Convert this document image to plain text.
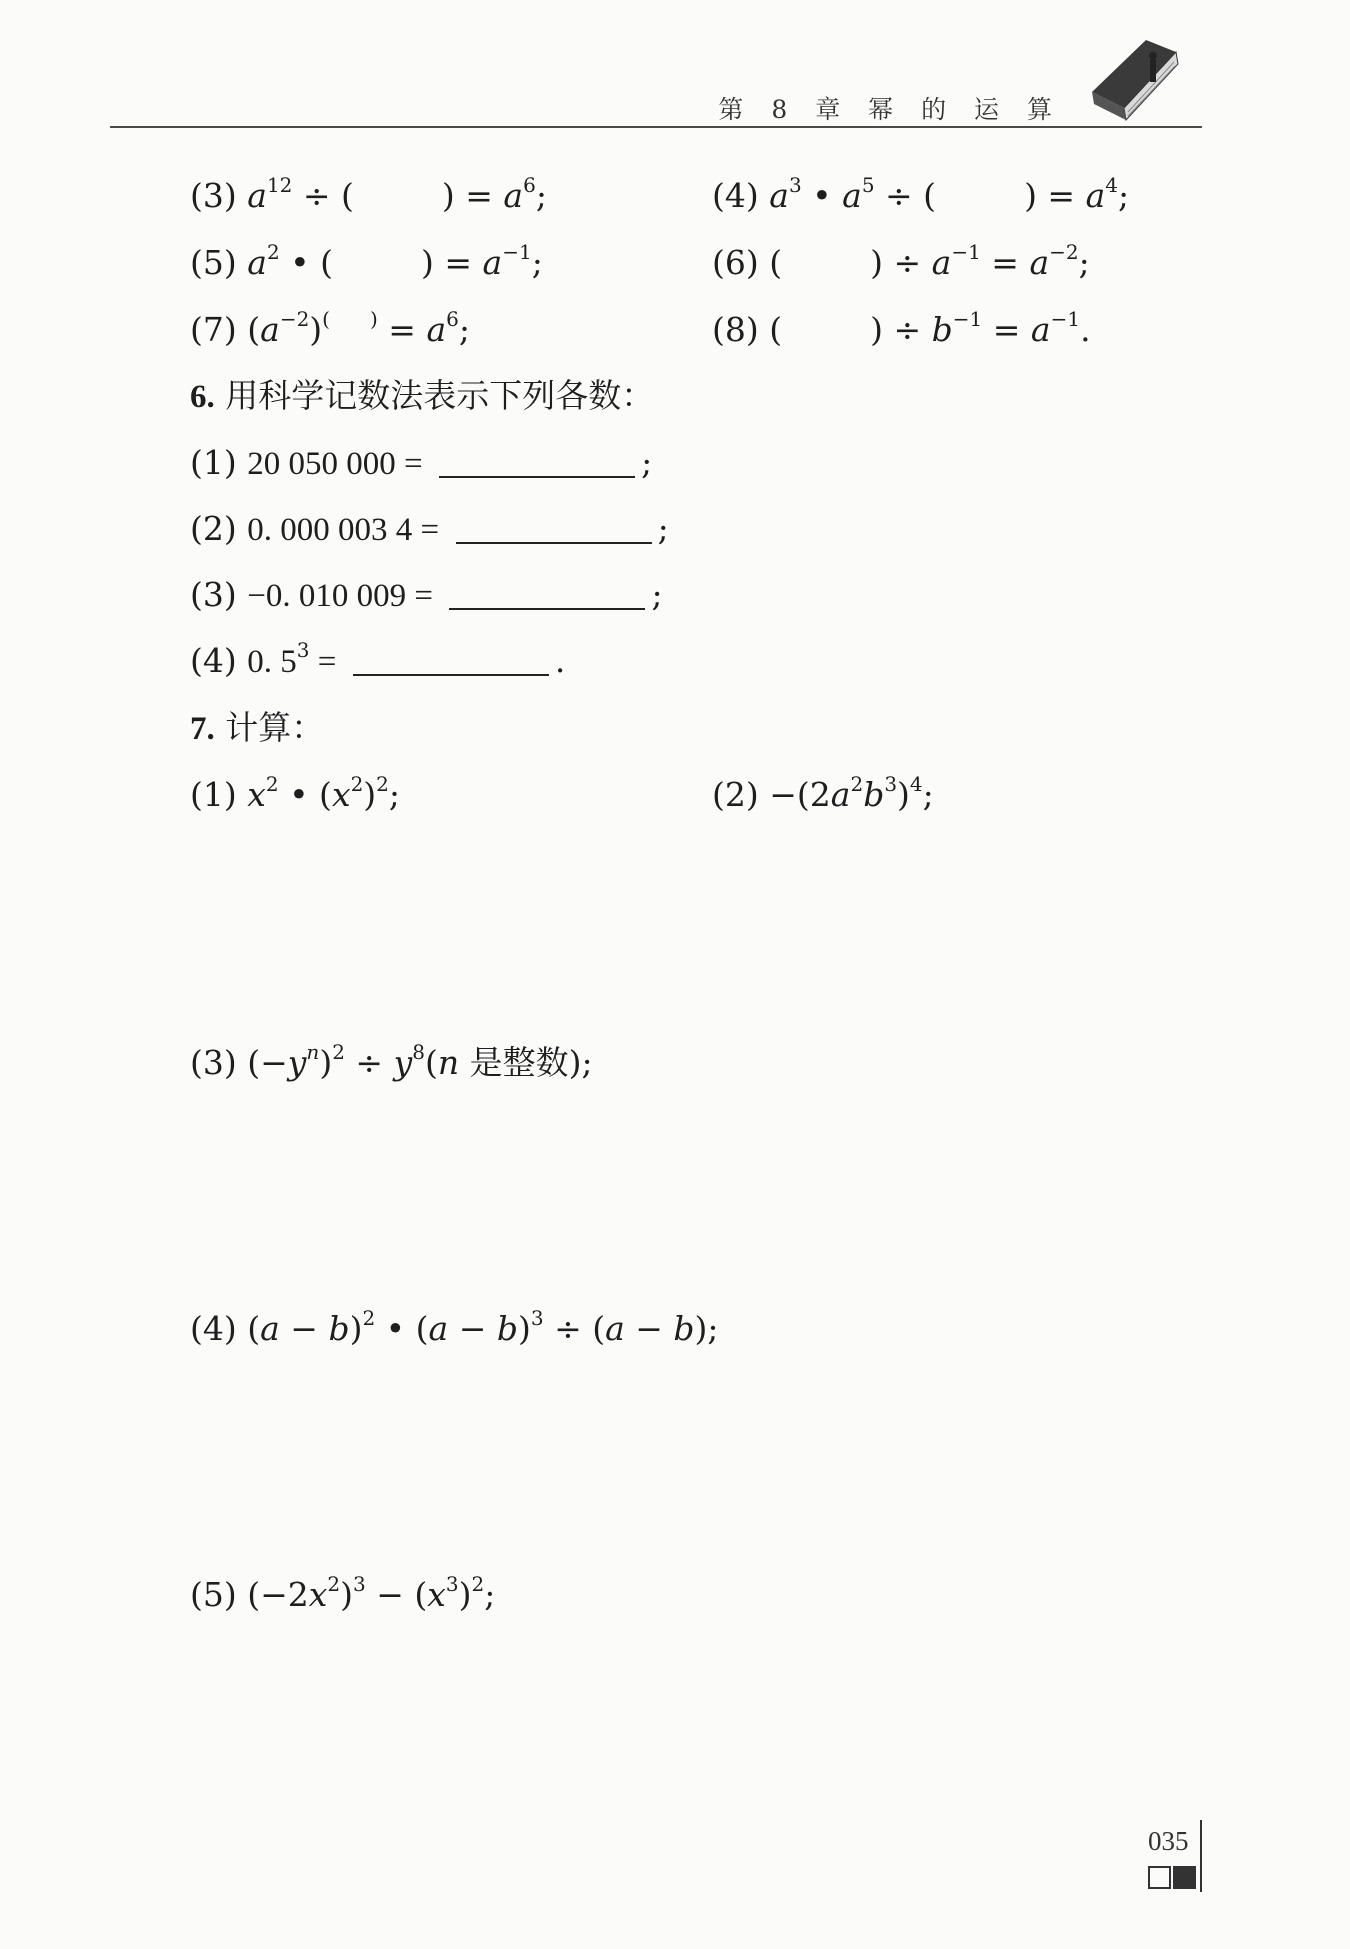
第 8 章 幂 的 运 算
(3) $a^{12}$ ÷ (	) = $a^6$;	(4) $a^3$ • $a^5$ ÷ (	) = $a^4$;
(5) $a^2$ • (	) = $a^{-1}$;	(6) (	) ÷ $a^{-1} = a^{-2}$;
(7) $(a^{-2})^{( )} = a^6$;	(8) (	) ÷ $b^{-1} = a^{-1}$.
6. 用科学记数法表示下列各数：
(1) 20 050 000 =	;
(2) 0. 000 003 4 =	;
(3) −0. 010 009 =	;
(4) 0. $5^3$ =	.
7. 计算：
(1) $x^2$ • $(x^2)^2$;	$(2) -(2a^2b^3)^4$;
(3) $(-y^n)^2 \div y^8(n$ 是整数);
(4) $(a - b)^2$ • $(a - b)^3 \div (a - b)$;
(5) $(-2x^2)^3 - (x^3)^2$;
035
